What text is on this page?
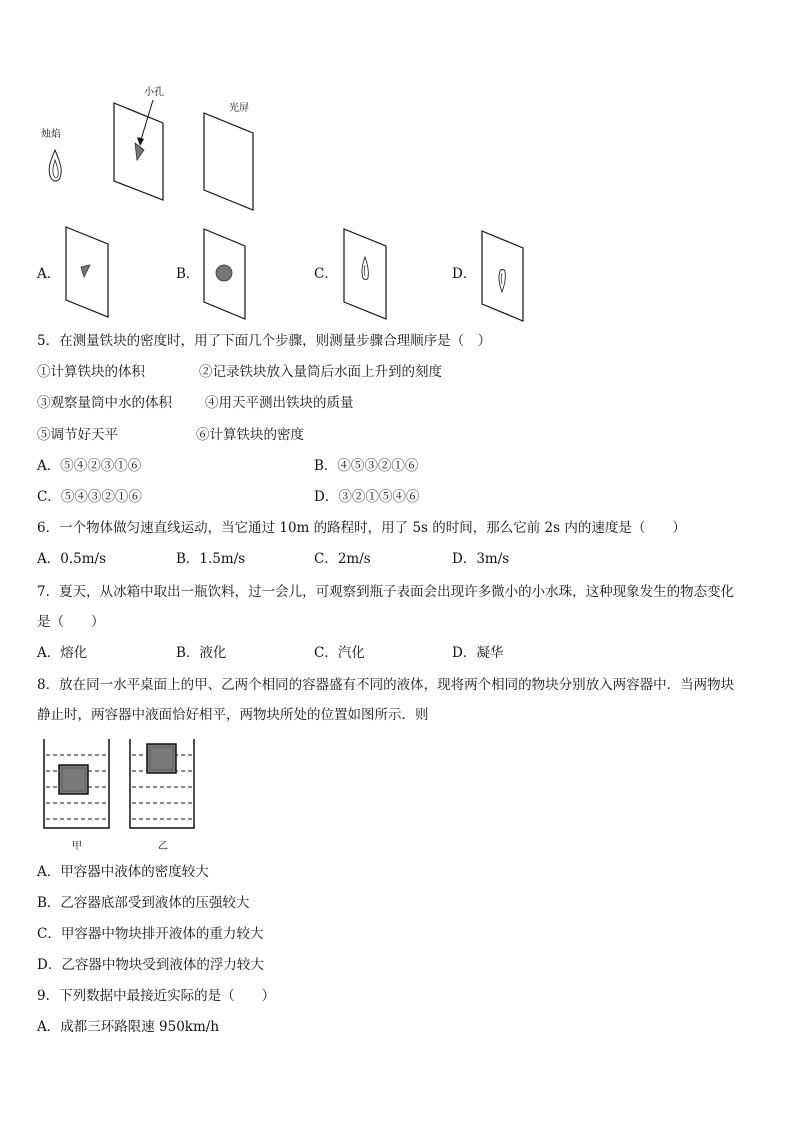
烛焰
小孔
光屏
A．	B．	C．	D．
5．在测量铁块的密度时，用了下面几个步骤，则测量步骤合理顺序是（　）
①计算铁块的体积	②记录铁块放入量筒后水面上升到的刻度
③观察量筒中水的体积 ④用天平测出铁块的质量
⑤调节好天平	⑥计算铁块的密度
A．⑤④②③①⑥	B．④⑤③②①⑥
C．⑤④③②①⑥	D．③②①⑤④⑥
6．一个物体做匀速直线运动，当它通过 10m 的路程时，用了 5s 的时间，那么它前 2s 内的速度是（　　）
A．0.5m/s	B．1.5m/s	C．2m/s	D．3m/s
7．夏天，从冰箱中取出一瓶饮料，过一会儿，可观察到瓶子表面会出现许多微小的小水珠，这种现象发生的物态变化
是（　　）
A．熔化	B．液化	C．汽化	D．凝华
8．放在同一水平桌面上的甲、乙两个相同的容器盛有不同的液体，现将两个相同的物块分别放入两容器中．当两物块
静止时，两容器中液面恰好相平，两物块所处的位置如图所示．则
甲	乙
A．甲容器中液体的密度较大
B．乙容器底部受到液体的压强较大
C．甲容器中物块排开液体的重力较大
D．乙容器中物块受到液体的浮力较大
9．下列数据中最接近实际的是（　　）
A．成都三环路限速 950km/h
